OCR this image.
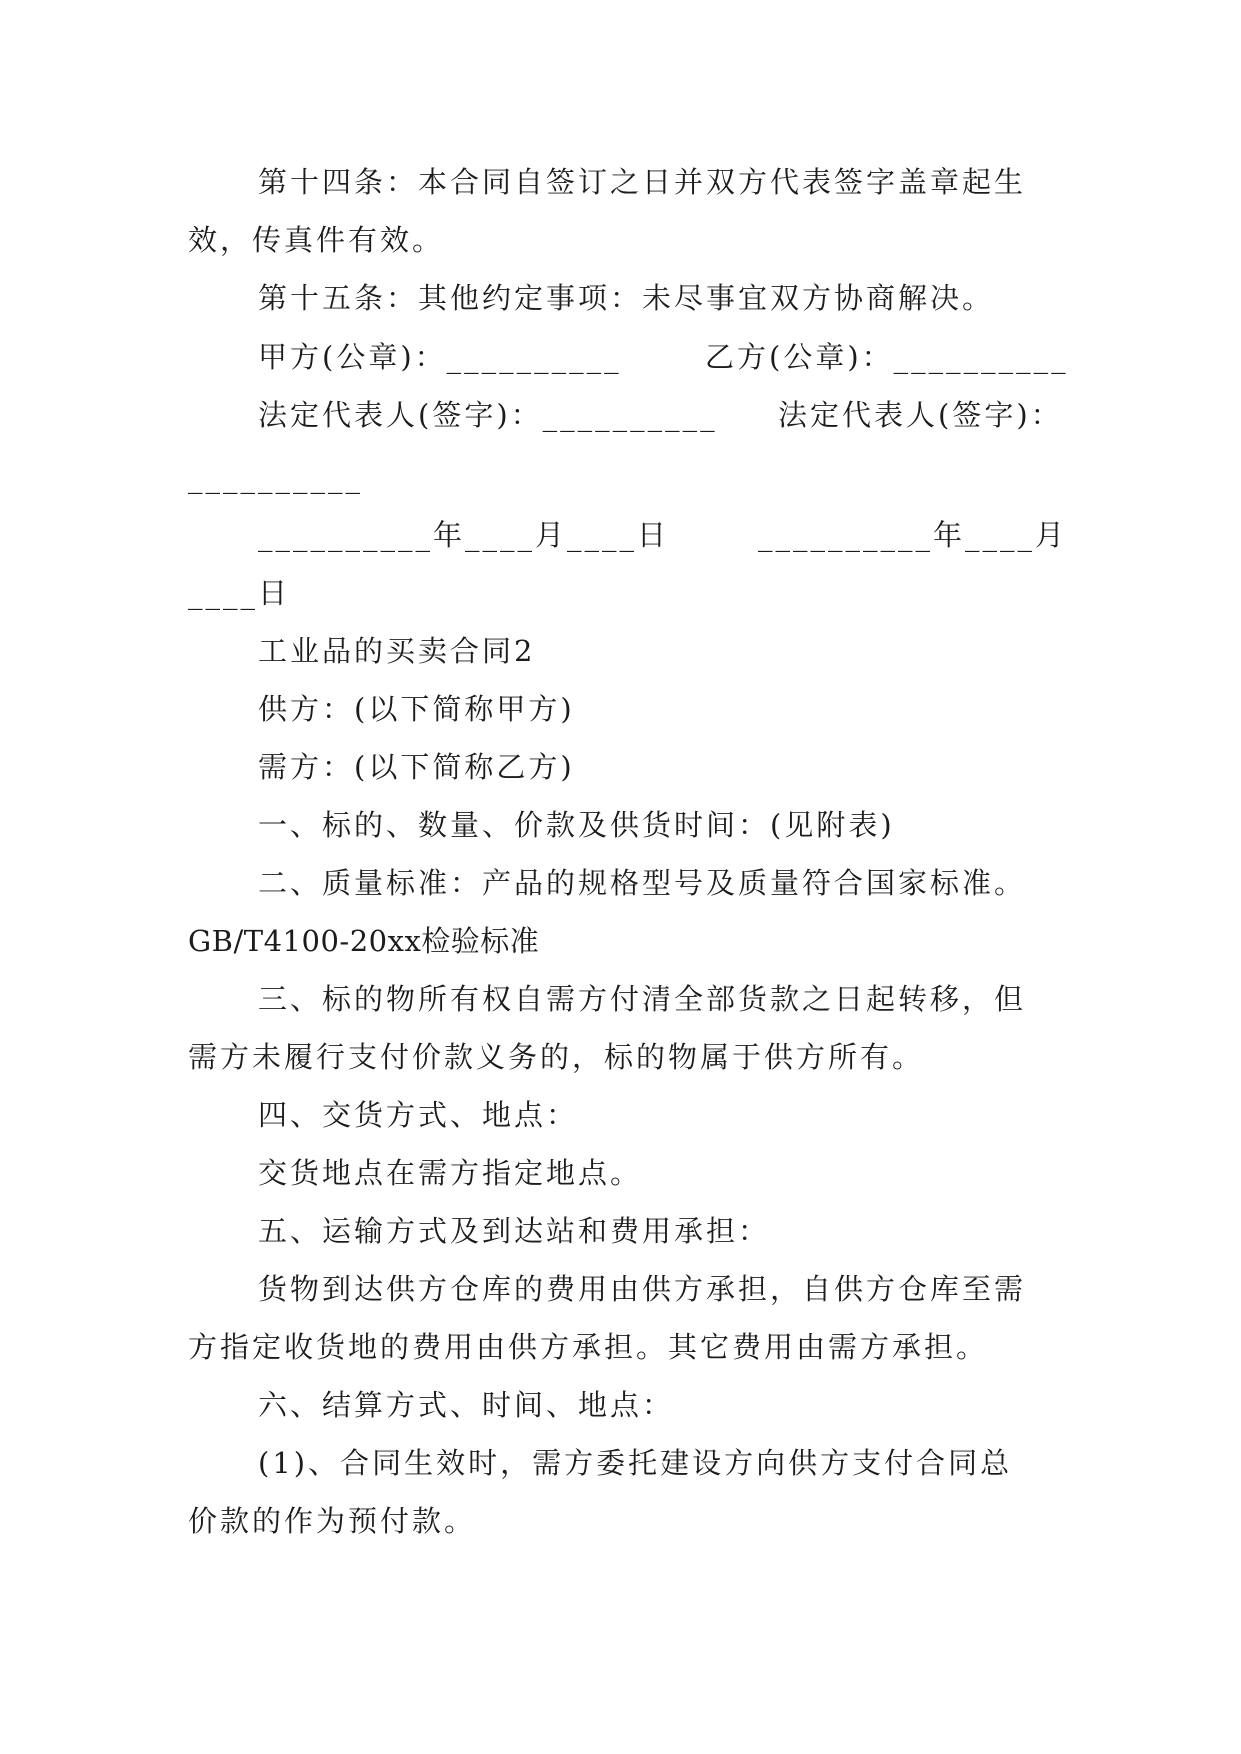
第十四条：本合同自签订之日并双方代表签字盖章起生
效，传真件有效。
第十五条：其他约定事项：未尽事宜双方协商解决。
甲方(公章)：__________	乙方(公章)：__________
法定代表人(签字)：__________ 法定代表人(签字)：
__________
__________年____月____日	__________年____月
____日
工业品的买卖合同2
供方：(以下简称甲方)
需方：(以下简称乙方)
一、标的、数量、价款及供货时间：(见附表)
二、质量标准：产品的规格型号及质量符合国家标准。
GB/T4100-20xx检验标准
三、标的物所有权自需方付清全部货款之日起转移，但
需方未履行支付价款义务的，标的物属于供方所有。
四、交货方式、地点：
交货地点在需方指定地点。
五、运输方式及到达站和费用承担：
货物到达供方仓库的费用由供方承担，自供方仓库至需
方指定收货地的费用由供方承担。其它费用由需方承担。
六、结算方式、时间、地点：
(1)、合同生效时，需方委托建设方向供方支付合同总
价款的作为预付款。
